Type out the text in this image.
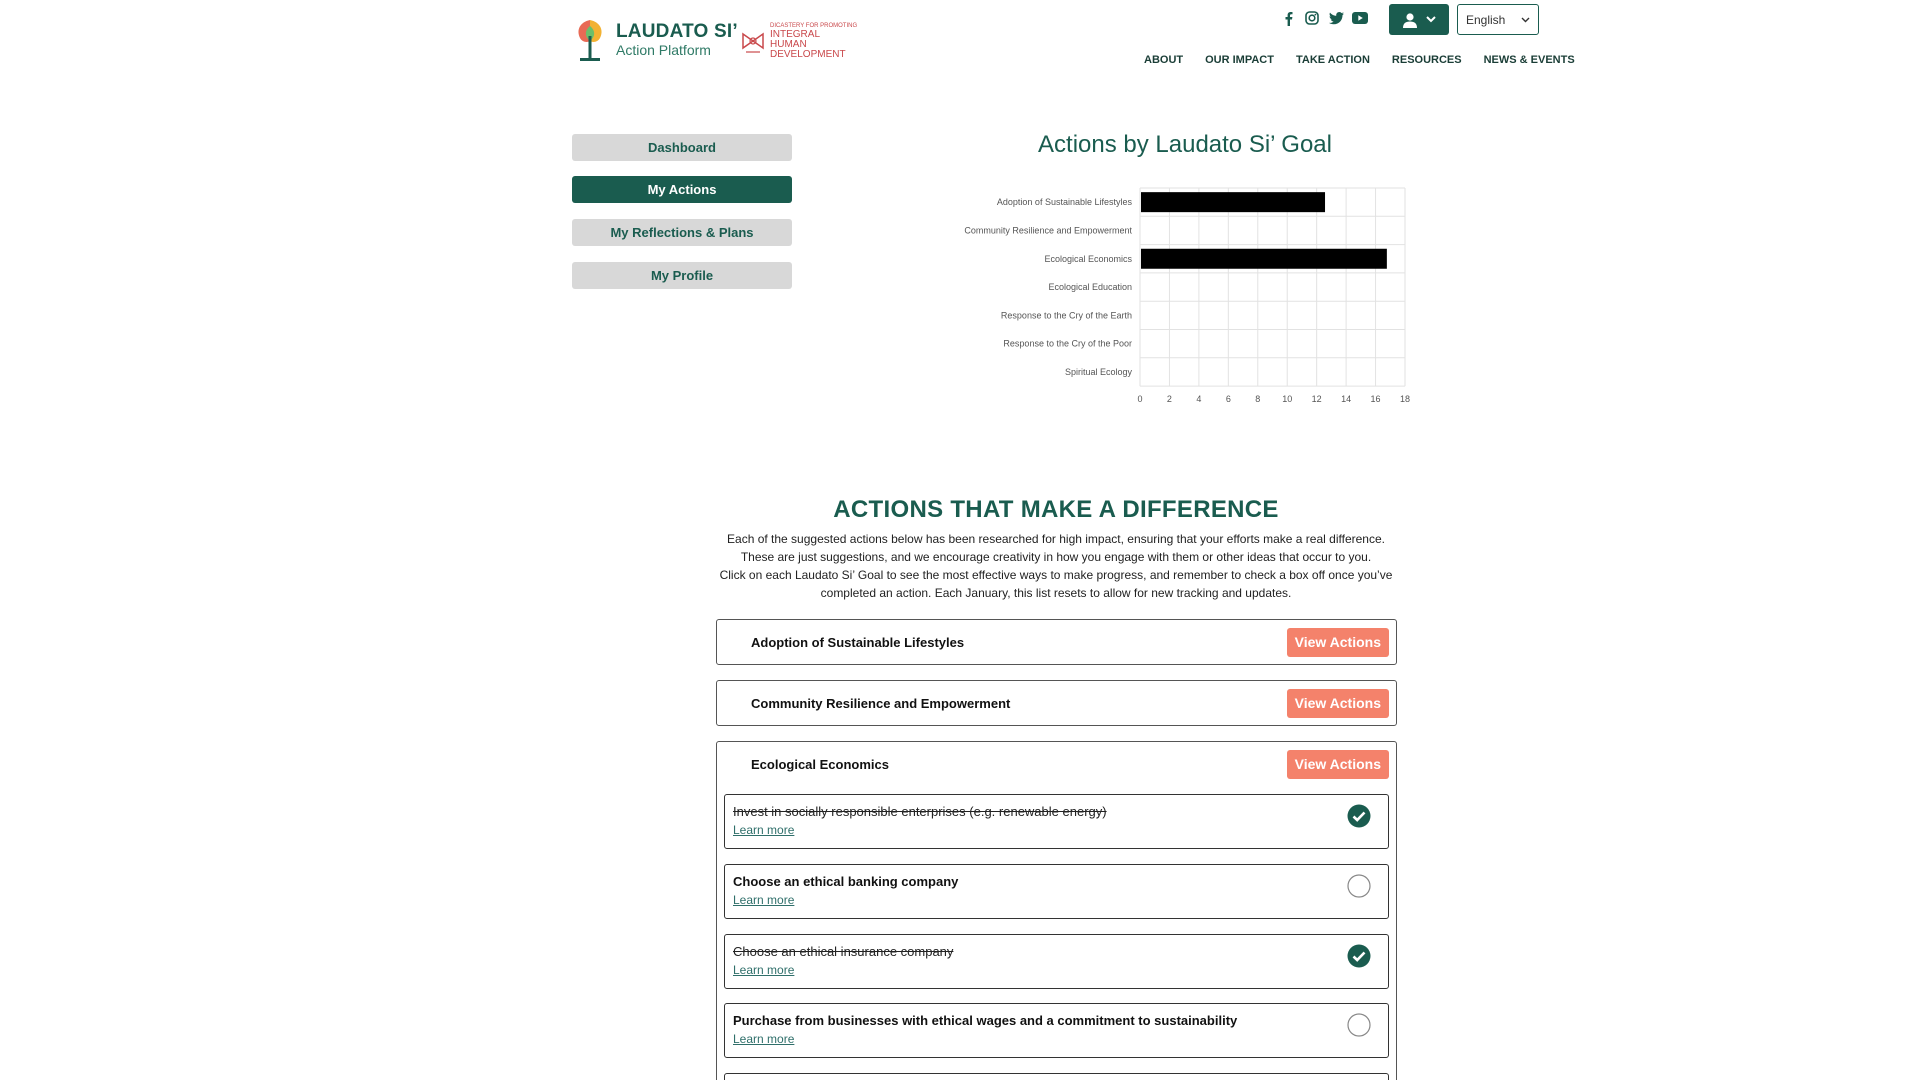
LAUDATO SI’
Action Platform
DICASTERY FOR PROMOTING
INTEGRAL
HUMAN
DEVELOPMENT
English
ABOUT OUR IMPACT TAKE ACTION RESOURCES NEWS & EVENTS
Dashboard
My Actions
My Reflections & Plans
My Profile
Actions by Laudato Si’ Goal
0	2	4	6	8 10 12 14 16 18
Adoption of Sustainable Lifestyles
Community Resilience and Empowerment
Ecological Economics
Ecological Education
Response to the Cry of the Earth
Response to the Cry of the Poor
Spiritual Ecology
ACTIONS THAT MAKE A DIFFERENCE
Each of the suggested actions below has been researched for high impact, ensuring that your efforts make a real difference.
These are just suggestions, and we encourage creativity in how you engage with them or other ideas that occur to you.
Click on each Laudato Si’ Goal to see the most effective ways to make progress, and remember to check a box off once you’ve
completed an action. Each January, this list resets to allow for new tracking and updates.
Adoption of Sustainable Lifestyles	View Actions
Community Resilience and Empowerment	View Actions
Ecological Economics	View Actions
Invest in socially responsible enterprises (e.g. renewable energy)
Learn more
Choose an ethical banking company
Learn more
Choose an ethical insurance company
Learn more
Purchase from businesses with ethical wages and a commitment to sustainability
Learn more
